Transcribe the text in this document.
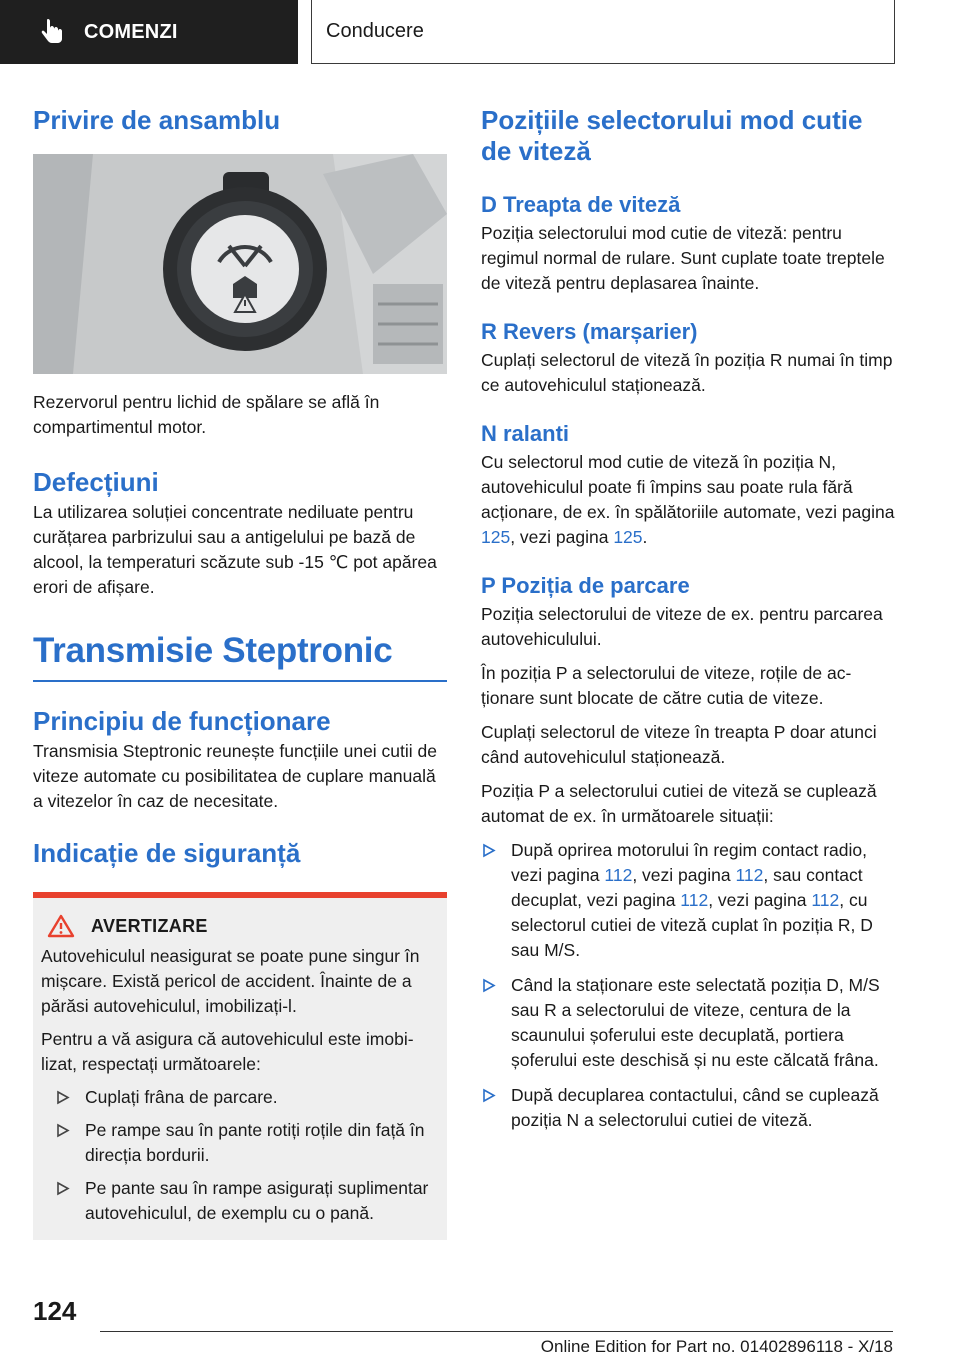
COMENZI	Conducere
Privire de ansamblu

Rezervorul pentru lichid de spălare se află în compartimentul motor.

Defecțiuni

La utilizarea soluției concentrate nediluate pentru curățarea parbrizului sau a antigelului pe bază de alcool, la temperaturi scăzute sub -15 ℃ pot apărea erori de afișare.

Transmisie Steptronic
Principiu de funcționare

Transmisia Steptronic reunește funcțiile unei cutii de viteze automate cu posibilitatea de cuplare manuală a vitezelor în caz de necesitate.

Indicație de siguranță
AVERTIZARE

Autovehiculul neasigurat se poate pune singur în mișcare. Există pericol de accident. Înainte de a părăsi autovehiculul, imobilizați-l.

Pentru a vă asigura că autovehiculul este imobilizat, respectați următoarele:

Cuplați frâna de parcare.
Pe rampe sau în pante rotiți roțile din față în direcția bordurii.
Pe pante sau în rampe asigurați suplimentar autovehiculul, de exemplu cu o pană.
Pozițiile selectorului mod cutie de viteză
D Treapta de viteză

Poziția selectorului mod cutie de viteză: pentru regimul normal de rulare. Sunt cuplate toate treptele de viteză pentru deplasarea înainte.

R Revers (marșarier)

Cuplați selectorul de viteză în poziția R numai în timp ce autovehiculul staționează.

N ralanti

Cu selectorul mod cutie de viteză în poziția N, autovehiculul poate fi împins sau poate rula fără acționare, de ex. în spălătoriile automate, vezi pagina 125, vezi pagina 125.

P Poziția de parcare

Poziția selectorului de viteze de ex. pentru parcarea autovehiculului.

În poziția P a selectorului de viteze, roțile de acționare sunt blocate de către cutia de viteze.

Cuplați selectorul de viteze în treapta P doar atunci când autovehiculul staționează.

Poziția P a selectorului cutiei de viteză se cuplează automat de ex. în următoarele situații:

După oprirea motorului în regim contact radio, vezi pagina 112, vezi pagina 112, sau contact decuplat, vezi pagina 112, vezi pagina 112, cu selectorul cutiei de viteză cuplat în poziția R, D sau M/S.
Când la staționare este selectată poziția D, M/S sau R a selectorului de viteze, centura de la scaunului șoferului este decuplată, portiera șoferului este deschisă și nu este călcată frâna.
După decuplarea contactului, când se cuplează poziția N a selectorului cutiei de viteză.
124
Online Edition for Part no. 01402896118 - X/18
